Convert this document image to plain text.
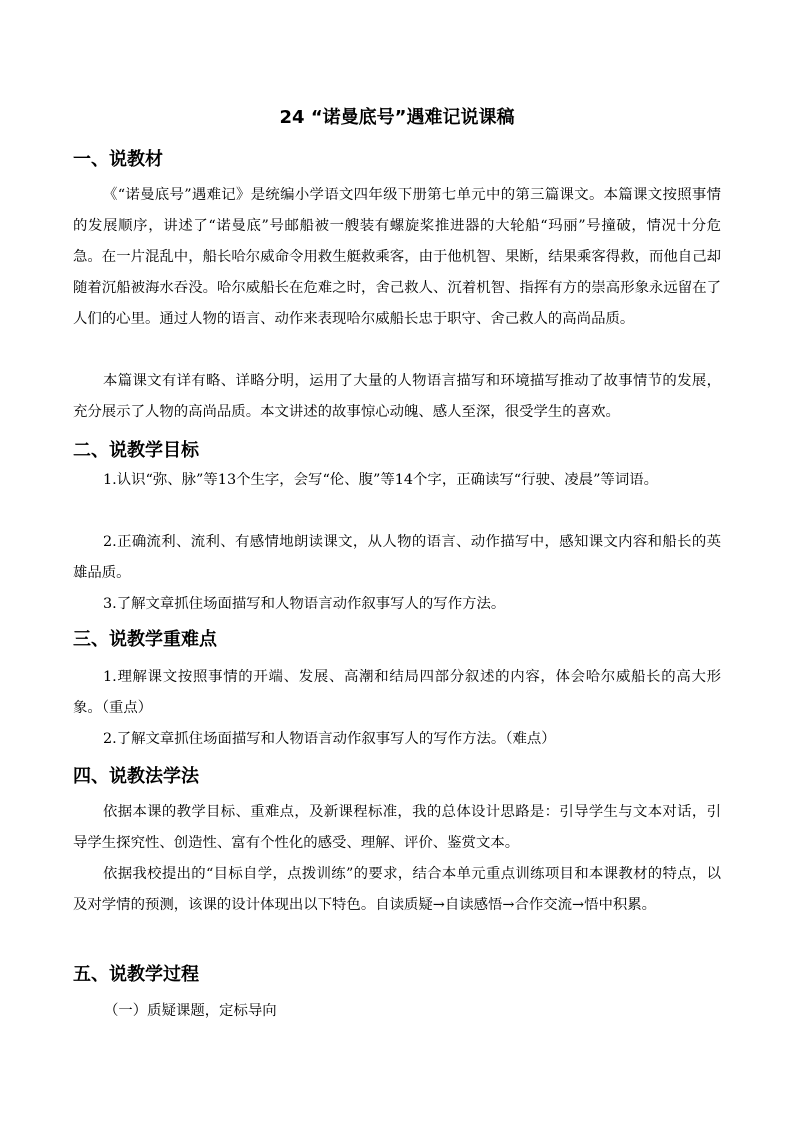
24 “诺曼底号”遇难记说课稿
一、说教材
《“诺曼底号”遇难记》是统编小学语文四年级下册第七单元中的第三篇课文。本篇课文按照事情的发展顺序，讲述了“诺曼底”号邮船被一艘装有螺旋桨推进器的大轮船“玛丽”号撞破，情况十分危急。在一片混乱中，船长哈尔威命令用救生艇救乘客，由于他机智、果断，结果乘客得救，而他自己却随着沉船被海水吞没。哈尔威船长在危难之时，舍己救人、沉着机智、指挥有方的崇高形象永远留在了人们的心里。通过人物的语言、动作来表现哈尔威船长忠于职守、舍己救人的高尚品质。
本篇课文有详有略、详略分明，运用了大量的人物语言描写和环境描写推动了故事情节的发展，充分展示了人物的高尚品质。本文讲述的故事惊心动魄、感人至深，很受学生的喜欢。
二、说教学目标
1.认识“弥、脉”等13个生字，会写“伦、腹”等14个字，正确读写“行驶、凌晨”等词语。
2.正确流利、流利、有感情地朗读课文，从人物的语言、动作描写中，感知课文内容和船长的英雄品质。
3.了解文章抓住场面描写和人物语言动作叙事写人的写作方法。
三、说教学重难点
1.理解课文按照事情的开端、发展、高潮和结局四部分叙述的内容，体会哈尔威船长的高大形象。（重点）
2.了解文章抓住场面描写和人物语言动作叙事写人的写作方法。（难点）
四、说教法学法
依据本课的教学目标、重难点，及新课程标准，我的总体设计思路是：引导学生与文本对话，引导学生探究性、创造性、富有个性化的感受、理解、评价、鉴赏文本。
依据我校提出的“目标自学，点拨训练”的要求，结合本单元重点训练项目和本课教材的特点，以及对学情的预测，该课的设计体现出以下特色。自读质疑→自读感悟→合作交流→悟中积累。
五、说教学过程
（一）质疑课题，定标导向
